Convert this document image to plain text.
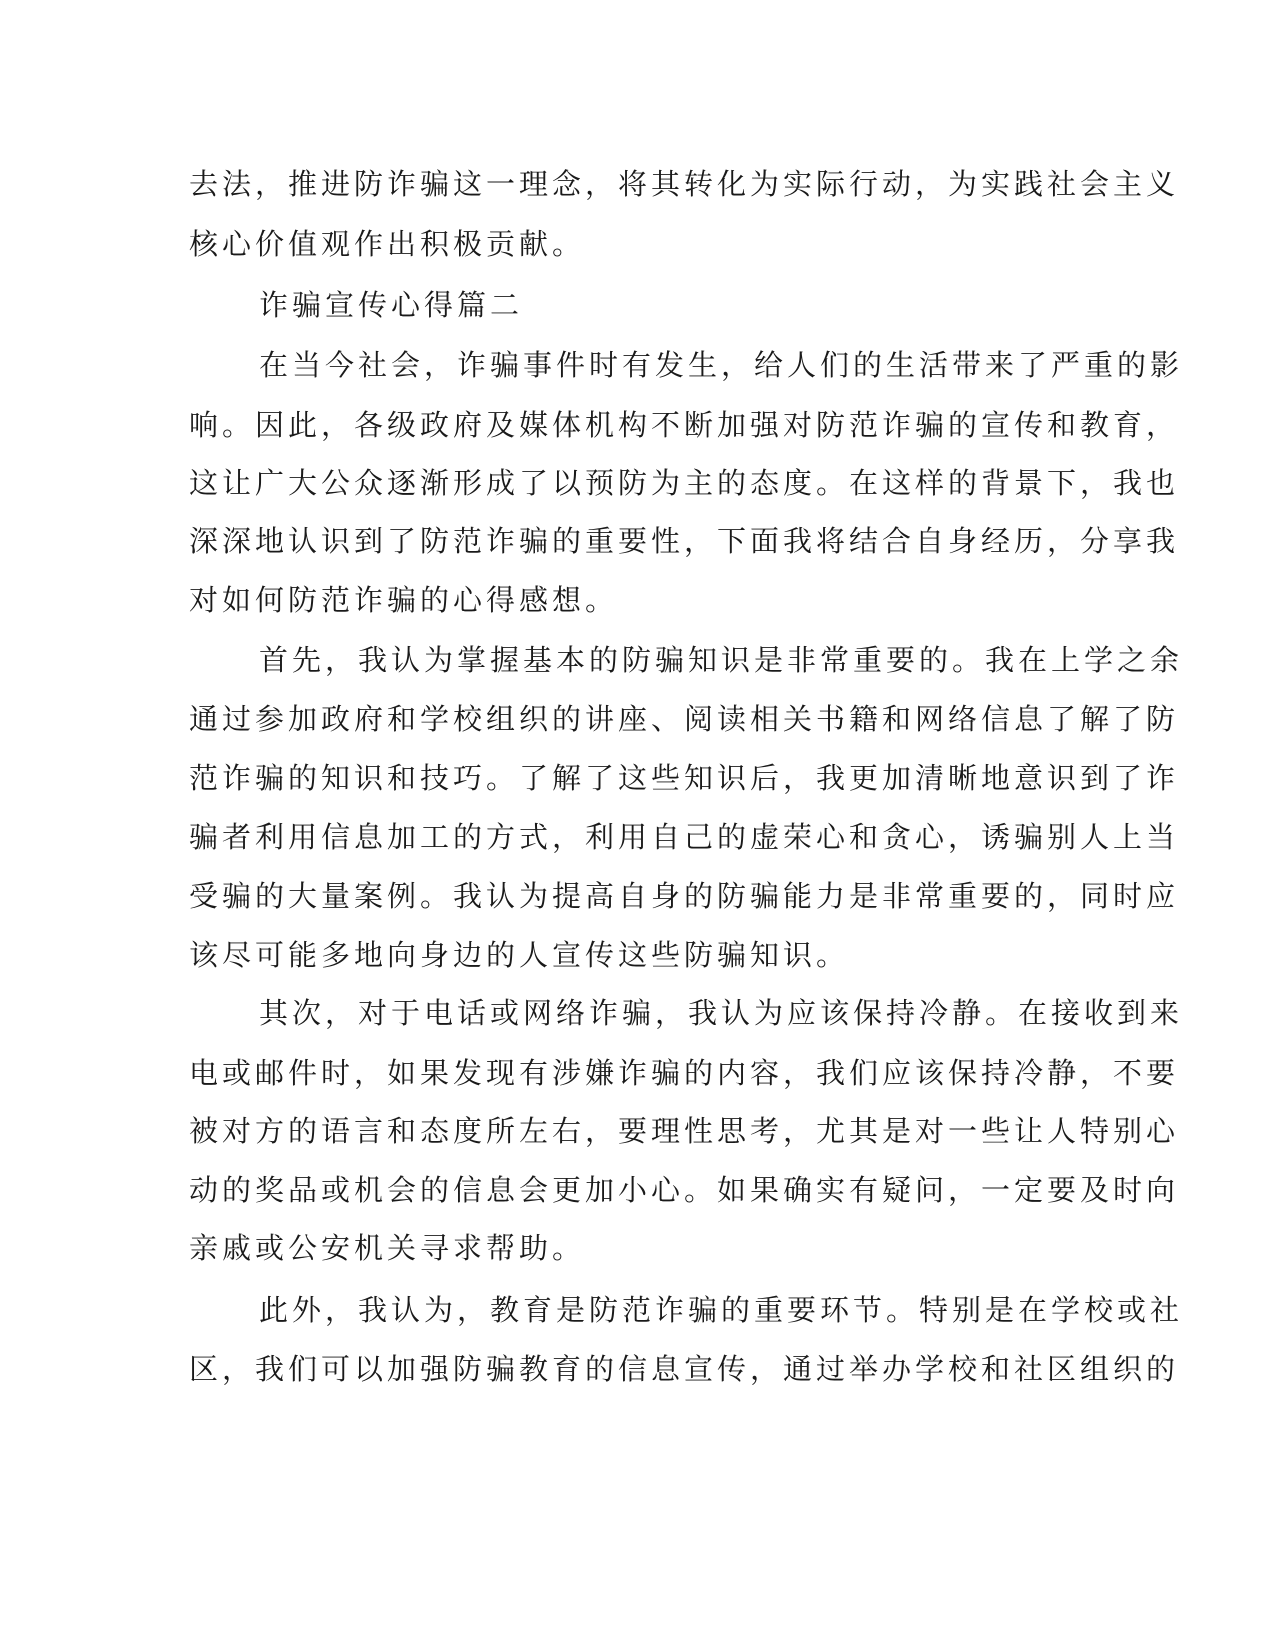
去法，推进防诈骗这一理念，将其转化为实际行动，为实践社会主义
核心价值观作出积极贡献。
诈骗宣传心得篇二
在当今社会，诈骗事件时有发生，给人们的生活带来了严重的影
响。因此，各级政府及媒体机构不断加强对防范诈骗的宣传和教育，
这让广大公众逐渐形成了以预防为主的态度。在这样的背景下，我也
深深地认识到了防范诈骗的重要性，下面我将结合自身经历，分享我
对如何防范诈骗的心得感想。
首先，我认为掌握基本的防骗知识是非常重要的。我在上学之余
通过参加政府和学校组织的讲座、阅读相关书籍和网络信息了解了防
范诈骗的知识和技巧。了解了这些知识后，我更加清晰地意识到了诈
骗者利用信息加工的方式，利用自己的虚荣心和贪心，诱骗别人上当
受骗的大量案例。我认为提高自身的防骗能力是非常重要的，同时应
该尽可能多地向身边的人宣传这些防骗知识。
其次，对于电话或网络诈骗，我认为应该保持冷静。在接收到来
电或邮件时，如果发现有涉嫌诈骗的内容，我们应该保持冷静，不要
被对方的语言和态度所左右，要理性思考，尤其是对一些让人特别心
动的奖品或机会的信息会更加小心。如果确实有疑问，一定要及时向
亲戚或公安机关寻求帮助。
此外，我认为，教育是防范诈骗的重要环节。特别是在学校或社
区，我们可以加强防骗教育的信息宣传，通过举办学校和社区组织的
